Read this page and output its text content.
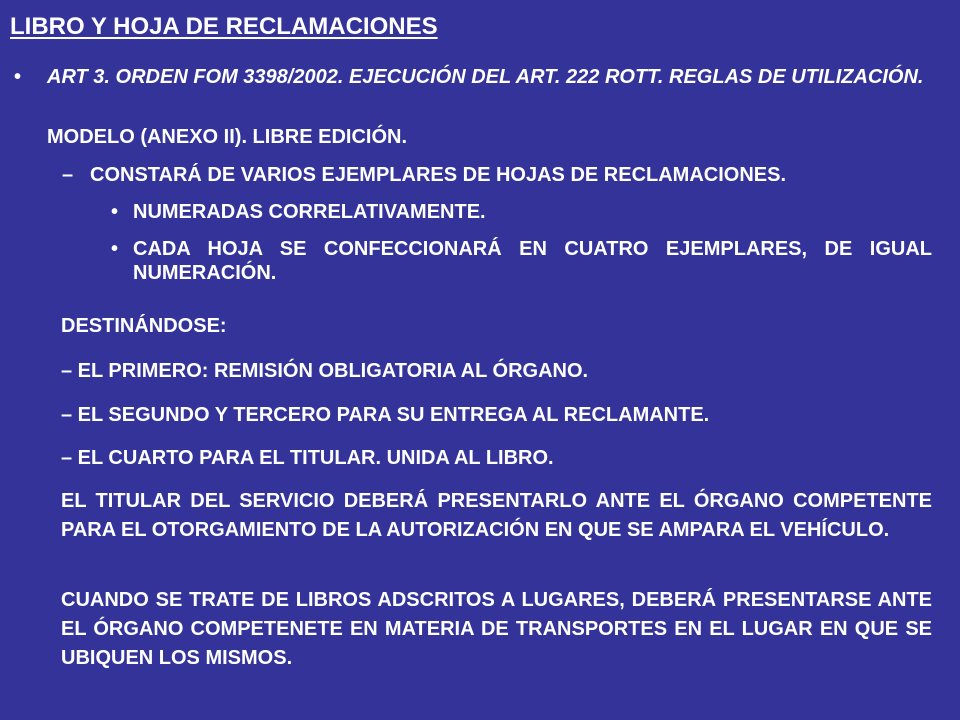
LIBRO Y HOJA DE RECLAMACIONES
• ART 3. ORDEN FOM 3398/2002. EJECUCIÓN DEL ART. 222 ROTT. REGLAS DE UTILIZACIÓN.
MODELO (ANEXO II). LIBRE EDICIÓN.
– CONSTARÁ DE VARIOS EJEMPLARES DE HOJAS DE RECLAMACIONES.
• NUMERADAS CORRELATIVAMENTE.
• CADA HOJA SE CONFECCIONARÁ EN CUATRO EJEMPLARES, DE IGUAL NUMERACIÓN.
DESTINÁNDOSE:
– EL PRIMERO: REMISIÓN OBLIGATORIA AL ÓRGANO.
– EL SEGUNDO Y TERCERO PARA SU ENTREGA AL RECLAMANTE.
– EL CUARTO PARA EL TITULAR. UNIDA AL LIBRO.
EL TITULAR DEL SERVICIO DEBERÁ PRESENTARLO ANTE EL ÓRGANO COMPETENTE PARA EL OTORGAMIENTO DE LA AUTORIZACIÓN EN QUE SE AMPARA EL VEHÍCULO.
CUANDO SE TRATE DE LIBROS ADSCRITOS A LUGARES, DEBERÁ PRESENTARSE ANTE EL ÓRGANO COMPETENETE EN MATERIA DE TRANSPORTES EN EL LUGAR EN QUE SE UBIQUEN LOS MISMOS.
